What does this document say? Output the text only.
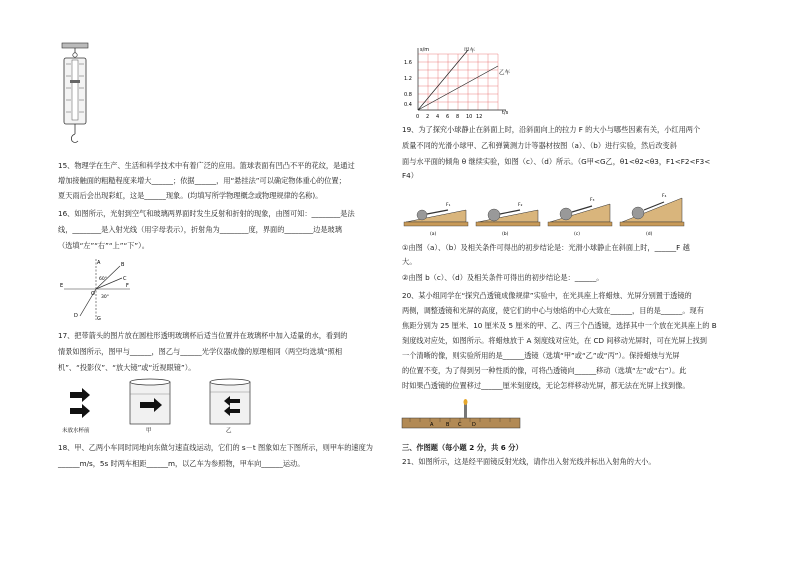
15、物理学在生产、生活和科学技术中有着广泛的应用。篮球表面有凹凸不平的花纹，是通过
增加接触面的粗糙程度来增大______；依据______，用“悬挂法”可以确定物体重心的位置；
夏天雨后会出现彩虹，这是______现象。(均填写所学物理概念或物理规律的名称)。
16、如图所示，光射到空气和玻璃两界面时发生反射和折射的现象，由图可知：________是法
线，________是入射光线（用字母表示），折射角为________度，界面的________边是玻璃
（选填“左”“右”“上”“下”）。
A	B
C
D
E	F
O
G
60°
30°
17、把带箭头的图片放在圆柱形透明玻璃杯后适当位置并在玻璃杯中加入适量的水，看到的
情景如图所示，图甲与______，图乙与______光学仪器成像的原理相同（两空均选填“照相
机”、“投影仪”、“放大镜”或“近视眼镜”）。
未放水杯前	甲	乙
18、甲、乙两小车同时同地向东做匀速直线运动，它们的 s－t 图象如左下图所示，则甲车的速度为
______m/s，5s 时两车相距______m，以乙车为参照物，甲车向______运动。
s/m
t/s
1.6
1.2
0.8
0.4
0 2 4 6 8 10 12
甲车
乙车
19、为了探究小球静止在斜面上时，沿斜面向上的拉力 F 的大小与哪些因素有关，小红用两个
质量不同的光滑小球甲、乙和弹簧测力计等器材按图（a）、（b）进行实验，然后改变斜
面与水平面的倾角 θ 继续实验，如图（c）、（d）所示。（G甲<G乙，θ1<θ2<θ3，F1<F2<F3<
F4）
F₁
(a)
F₂
(b)
F₃
(c)
F₄
(d)
①由图（a）、（b）及相关条件可得出的初步结论是：光滑小球静止在斜面上时，______F 越
大。
②由图 b（c）、（d）及相关条件可得出的初步结论是：______。
20、某小组同学在“探究凸透镜成像规律”实验中，在光具座上将蜡烛、光屏分别置于透镜的
两侧，调整透镜和光屏的高度，使它们的中心与烛焰的中心大致在______，目的是______。现有
焦距分别为 25 厘米、10 厘米及 5 厘米的甲、乙、丙三个凸透镜，选择其中一个放在光具座上的 B
刻度线对应处，如图所示。将蜡烛放于 A 刻度线对应处，在 CD 间移动光屏时，可在光屏上找到
一个清晰的像，则实验所用的是______透镜（选填“甲”或“乙”或“丙”）。保持蜡烛与光屏
的位置不变，为了得到另一种性质的像，可将凸透镜向______移动（选填“左”或“右”）。此
时如果凸透镜的位置移过______厘米刻度线，无论怎样移动光屏，都无法在光屏上找到像。
A	B C D
三、作图题（每小题 2 分，共 6 分）
21、如图所示，这是经平面镜反射光线，请作出入射光线并标出入射角的大小。
